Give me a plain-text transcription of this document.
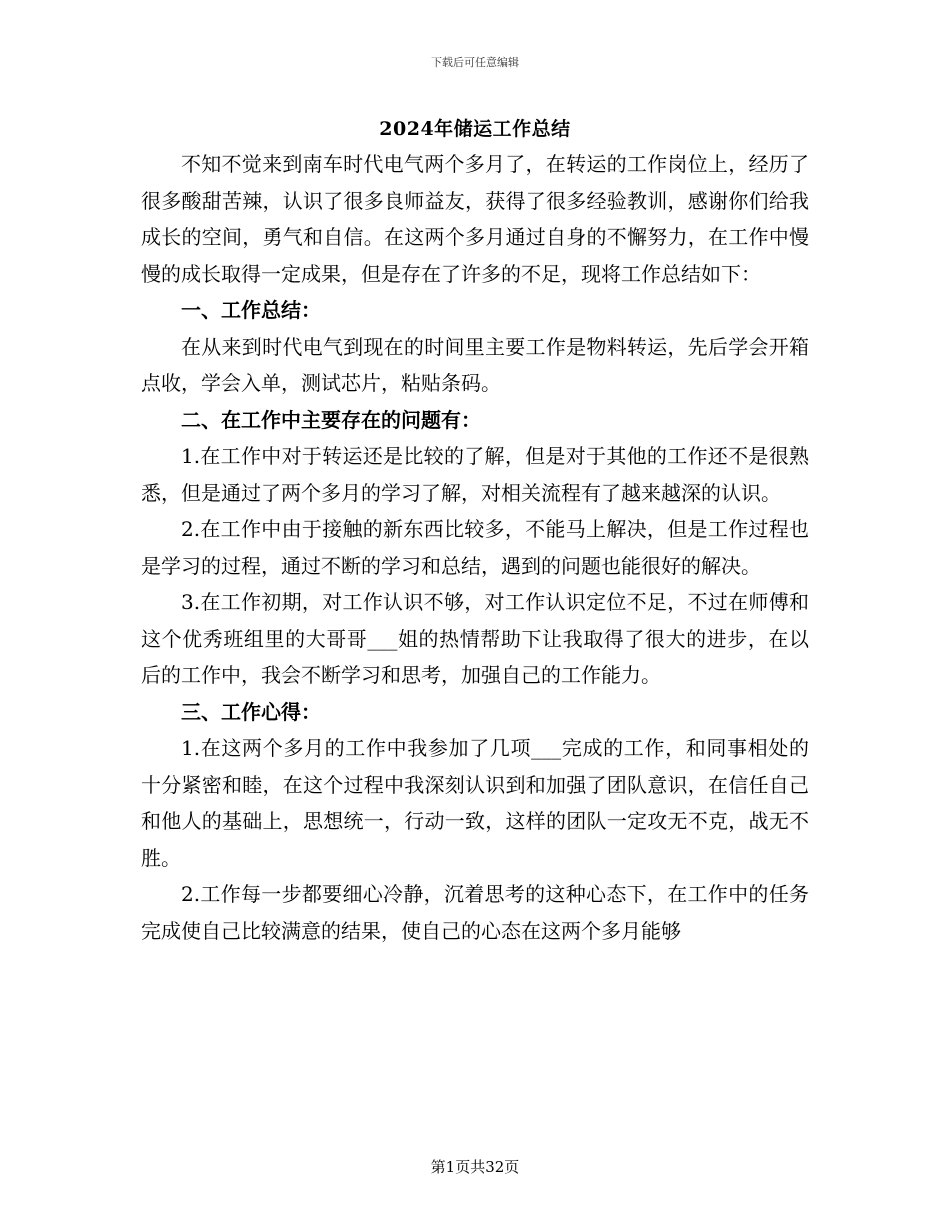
下载后可任意编辑
2024年储运工作总结

不知不觉来到南车时代电气两个多月了，在转运的工作岗位上，经历了很多酸甜苦辣，认识了很多良师益友，获得了很多经验教训，感谢你们给我成长的空间，勇气和自信。在这两个多月通过自身的不懈努力，在工作中慢慢的成长取得一定成果，但是存在了许多的不足，现将工作总结如下：

一、工作总结：

在从来到时代电气到现在的时间里主要工作是物料转运，先后学会开箱点收，学会入单，测试芯片，粘贴条码。

二、在工作中主要存在的问题有：

1.在工作中对于转运还是比较的了解，但是对于其他的工作还不是很熟悉，但是通过了两个多月的学习了解，对相关流程有了越来越深的认识。

2.在工作中由于接触的新东西比较多，不能马上解决，但是工作过程也是学习的过程，通过不断的学习和总结，遇到的问题也能很好的解决。

3.在工作初期，对工作认识不够，对工作认识定位不足，不过在师傅和这个优秀班组里的大哥哥___姐的热情帮助下让我取得了很大的进步，在以后的工作中，我会不断学习和思考，加强自己的工作能力。

三、工作心得：

1.在这两个多月的工作中我参加了几项___完成的工作，和同事相处的十分紧密和睦，在这个过程中我深刻认识到和加强了团队意识，在信任自己和他人的基础上，思想统一，行动一致，这样的团队一定攻无不克，战无不胜。

2.工作每一步都要细心冷静，沉着思考的这种心态下，在工作中的任务完成使自己比较满意的结果，使自己的心态在这两个多月能够

第1页共32页
